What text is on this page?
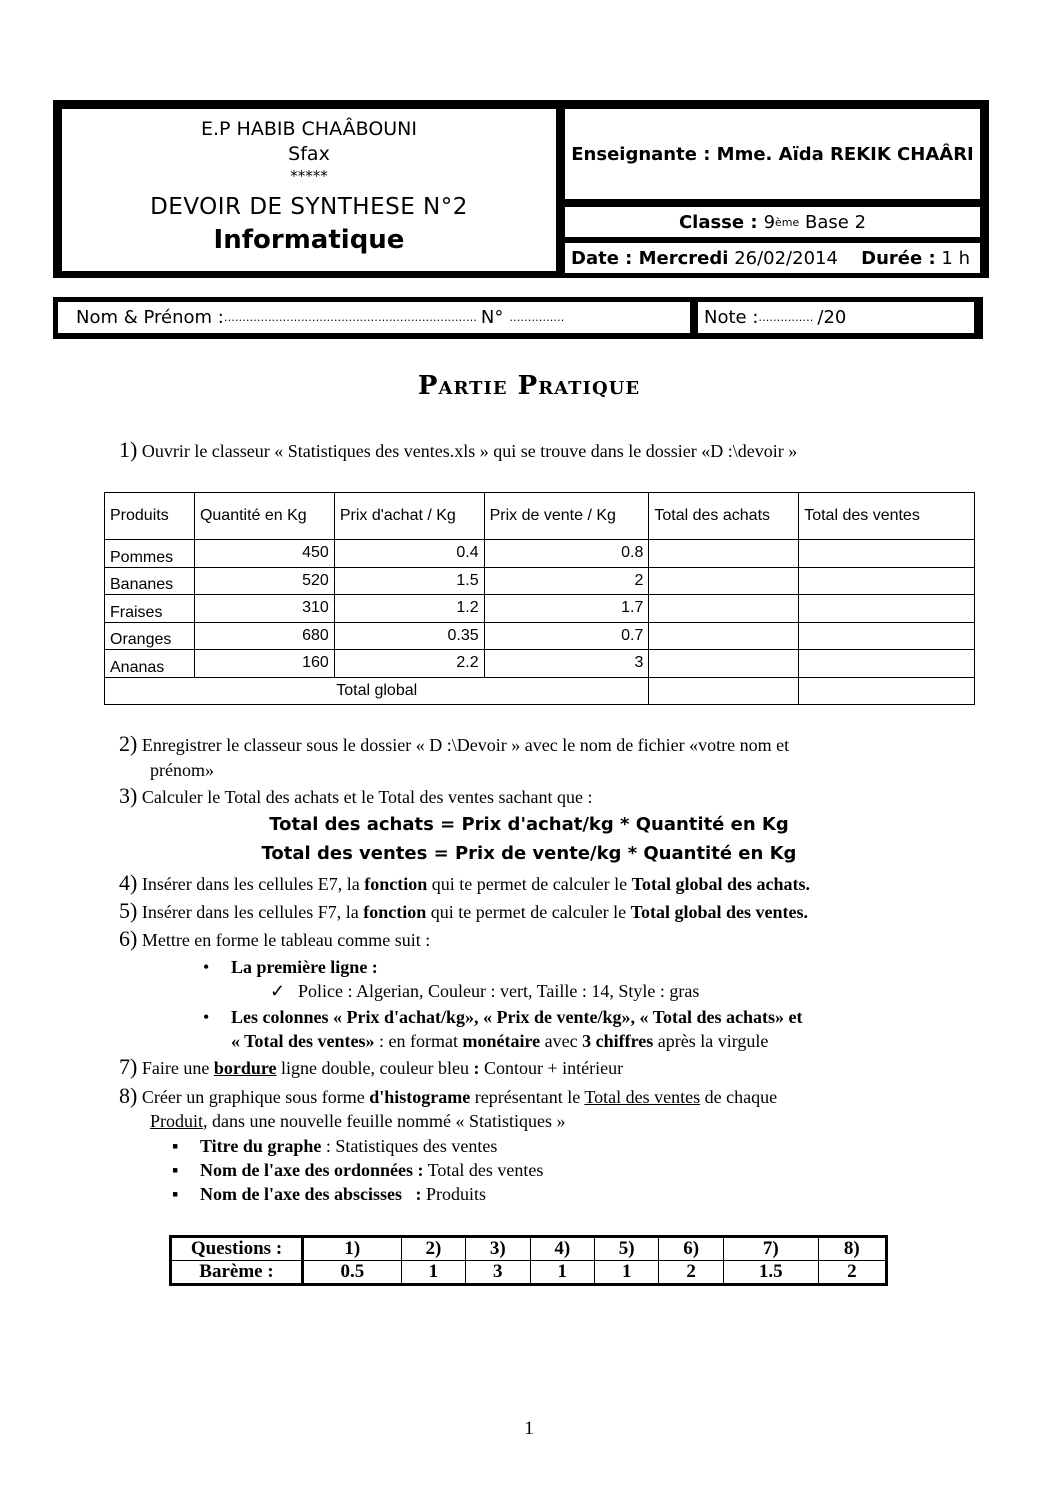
E.P HABIB CHAÂBOUNI
Sfax
*****
DEVOIR DE SYNTHESE N°2
Informatique
Enseignante : Mme. Aïda REKIK CHAÂRI
Classe : 9 ème
Base 2
Date : Mercredi 26/02/2014 Durée : 1 h
Nom & Prénom : …………………………………………………………… N° ……………	Note : …………… /20
Partie Pratique
1) Ouvrir le classeur « Statistiques des ventes.xls » qui se trouve dans le dossier «D :\devoir »
Produits	Quantité en Kg	Prix d'achat / Kg	Prix de vente / Kg	Total des achats	Total des ventes
Pommes	450	0.4	0.8		
Bananes	520	1.5	2		
Fraises	310	1.2	1.7		
Oranges	680	0.35	0.7		
Ananas	160	2.2	3		
Total global					
2) Enregistrer le classeur sous le dossier « D :\Devoir » avec le nom de fichier «votre nom et
prénom»
3) Calculer le Total des achats et le Total des ventes sachant que :
Total des achats = Prix d'achat/kg * Quantité en Kg
Total des ventes = Prix de vente/kg * Quantité en Kg
4) Insérer dans les cellules E7, la fonction qui te permet de calculer le Total global des achats.
5) Insérer dans les cellules F7, la fonction qui te permet de calculer le Total global des ventes.
6) Mettre en forme le tableau comme suit :
• La première ligne :
✓ Police : Algerian, Couleur : vert, Taille : 14, Style : gras
• Les colonnes « Prix d'achat/kg», « Prix de vente/kg», « Total des achats» et
« Total des ventes» : en format monétaire avec 3 chiffres après la virgule
7) Faire une bordure ligne double, couleur bleu : Contour + intérieur
8) Créer un graphique sous forme d'histograme représentant le Total des ventes de chaque
Produit, dans une nouvelle feuille nommé « Statistiques »
▪ Titre du graphe : Statistiques des ventes
▪ Nom de l'axe des ordonnées : Total des ventes
▪ Nom de l'axe des abscisses   : Produits
Questions :	1)	2)	3)	4)	5)	6)	7)	8)
Barème :	0.5	1	3	1	1	2	1.5	2
1
